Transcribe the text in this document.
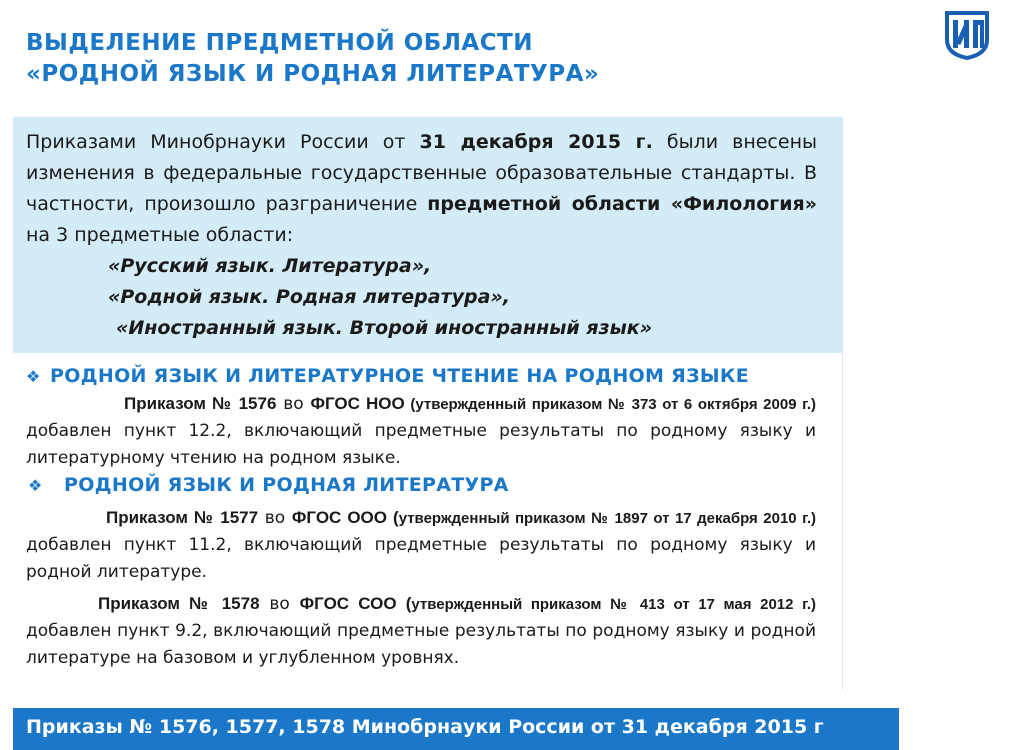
ВЫДЕЛЕНИЕ ПРЕДМЕТНОЙ ОБЛАСТИ
«РОДНОЙ ЯЗЫК И РОДНАЯ ЛИТЕРАТУРА»

Приказами Минобрнауки России от 31 декабря 2015 г. были внесены изменения в федеральные государственные образовательные стандарты. В частности, произошло разграничение предметной области «Филология» на 3 предметные области:

«Русский язык. Литература»,
«Родной язык. Родная литература»,
«Иностранный язык. Второй иностранный язык»
❖ РОДНОЙ ЯЗЫК И ЛИТЕРАТУРНОЕ ЧТЕНИЕ НА РОДНОМ ЯЗЫКЕ

Приказом № 1576 во ФГОС НОО (утвержденный приказом № 373 от 6 октября 2009 г.) добавлен пункт 12.2, включающий предметные результаты по родному языку и литературному чтению на родном языке.

❖ РОДНОЙ ЯЗЫК И РОДНАЯ ЛИТЕРАТУРА

Приказом № 1577 во ФГОС ООО (утвержденный приказом № 1897 от 17 декабря 2010 г.) добавлен пункт 11.2, включающий предметные результаты по родному языку и родной литературе.

Приказом № 1578 во ФГОС СОО (утвержденный приказом № 413 от 17 мая 2012 г.) добавлен пункт 9.2, включающий предметные результаты по родному языку и родной литературе на базовом и углубленном уровнях.

Приказы № 1576, 1577, 1578 Минобрнауки России от 31 декабря 2015 г
